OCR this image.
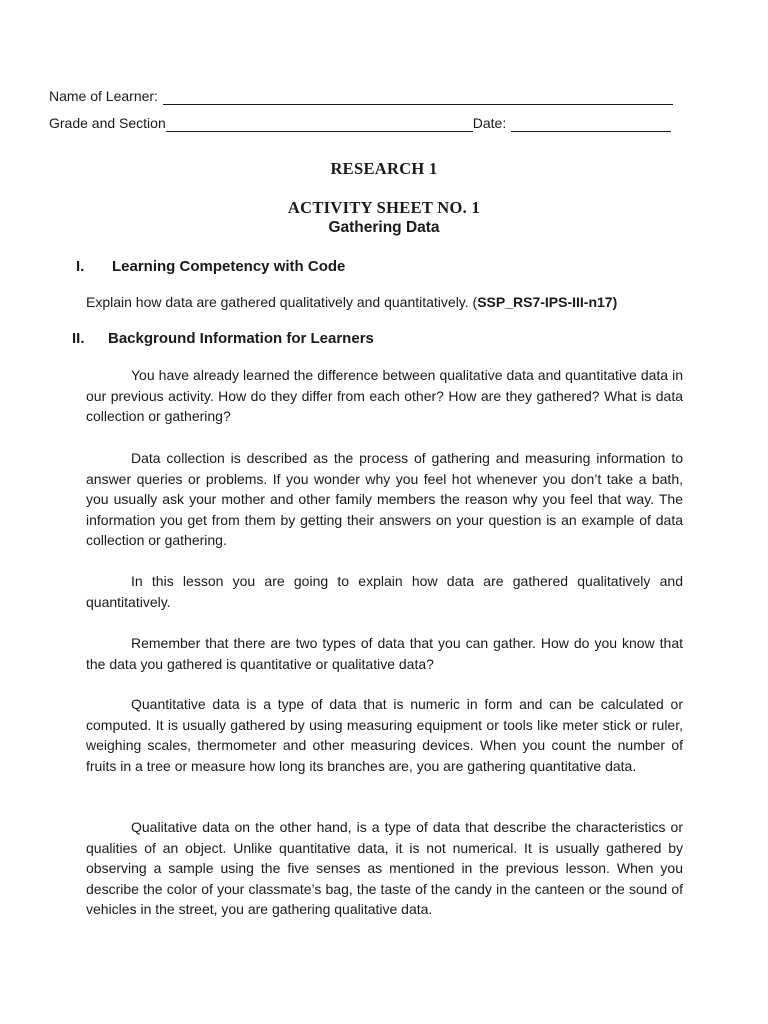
Name of Learner:
Grade and Section	Date:
RESEARCH 1
ACTIVITY SHEET NO. 1
Gathering Data
I. Learning Competency with Code
Explain how data are gathered qualitatively and quantitatively. (SSP_RS7-IPS-III-n17)
II. Background Information for Learners

You have already learned the difference between qualitative data and quantitative data in our previous activity. How do they differ from each other? How are they gathered? What is data collection or gathering?

Data collection is described as the process of gathering and measuring information to answer queries or problems. If you wonder why you feel hot whenever you don’t take a bath, you usually ask your mother and other family members the reason why you feel that way. The information you get from them by getting their answers on your question is an example of data collection or gathering.

In this lesson you are going to explain how data are gathered qualitatively and quantitatively.

Remember that there are two types of data that you can gather. How do you know that the data you gathered is quantitative or qualitative data?

Quantitative data is a type of data that is numeric in form and can be calculated or computed. It is usually gathered by using measuring equipment or tools like meter stick or ruler, weighing scales, thermometer and other measuring devices. When you count the number of fruits in a tree or measure how long its branches are, you are gathering quantitative data.

Qualitative data on the other hand, is a type of data that describe the characteristics or qualities of an object. Unlike quantitative data, it is not numerical. It is usually gathered by observing a sample using the five senses as mentioned in the previous lesson. When you describe the color of your classmate’s bag, the taste of the candy in the canteen or the sound of vehicles in the street, you are gathering qualitative data.
